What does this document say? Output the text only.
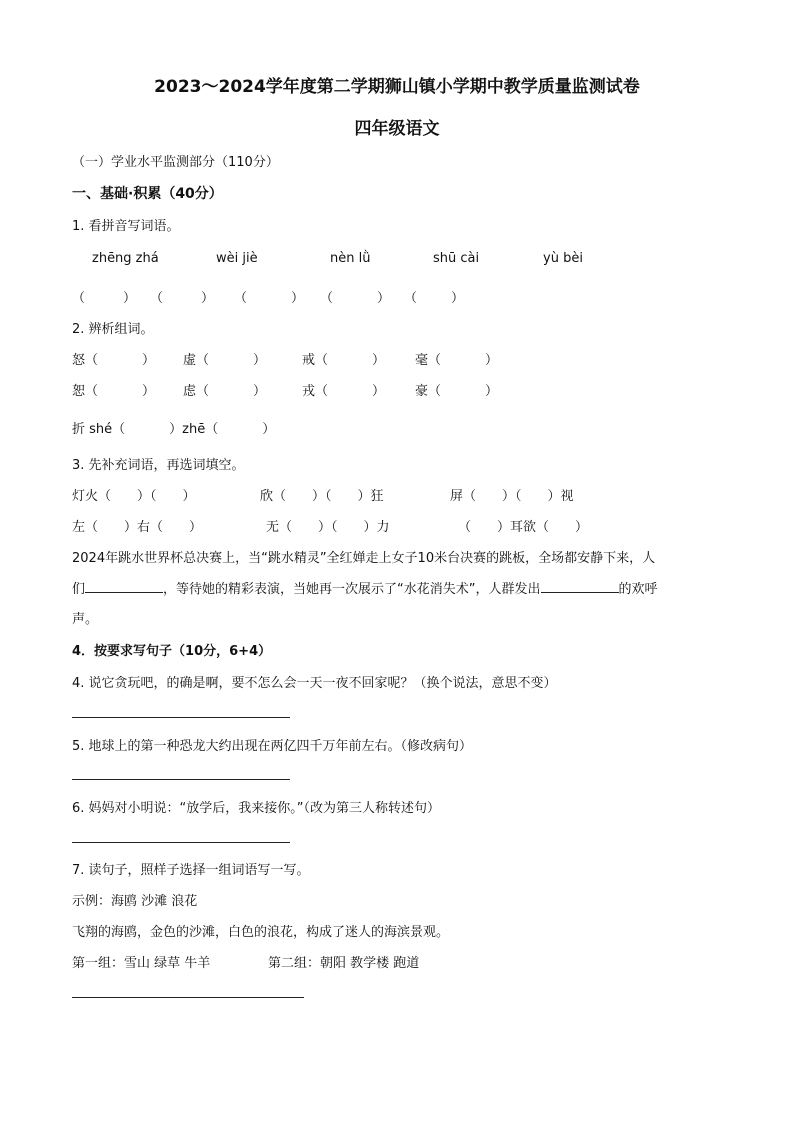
2023～2024学年度第二学期狮山镇小学期中教学质量监测试卷
四年级语文
（一）学业水平监测部分（110分）
一、基础·积累（40分）
1. 看拼音写词语。
zhēng zhá	wèi jiè	nèn lǜ	shū cài	yù bèi
（	） （	） （	） （	） （	）
2. 辨析组词。
怒（	） 虚（	）	戒（	） 毫（	）
恕（	） 虑（	）	戎（	） 豪（	）
折 shé（	）zhē（	）
3. 先补充词语，再选词填空。
灯火（ ）（ ）	欣（ ）（ ）狂	屏（ ）（ ）视
左（ ）右（ ）	无（ ）（ ）力	（ ）耳欲（ ）
2024年跳水世界杯总决赛上，当“跳水精灵”全红婵走上女子10米台决赛的跳板，全场都安静下来，人
们	，等待她的精彩表演，当她再一次展示了“水花消失术”，人群发出	的欢呼
声。
4．按要求写句子（10分，6+4）
4. 说它贪玩吧，的确是啊，要不怎么会一天一夜不回家呢？（换个说法，意思不变）
5. 地球上的第一种恐龙大约出现在两亿四千万年前左右。（修改病句）
6. 妈妈对小明说：“放学后，我来接你。”（改为第三人称转述句）
7. 读句子，照样子选择一组词语写一写。
示例：海鸥 沙滩 浪花
飞翔的海鸥，金色的沙滩，白色的浪花，构成了迷人的海滨景观。
第一组：雪山 绿草 牛羊	第二组：朝阳 教学楼 跑道
